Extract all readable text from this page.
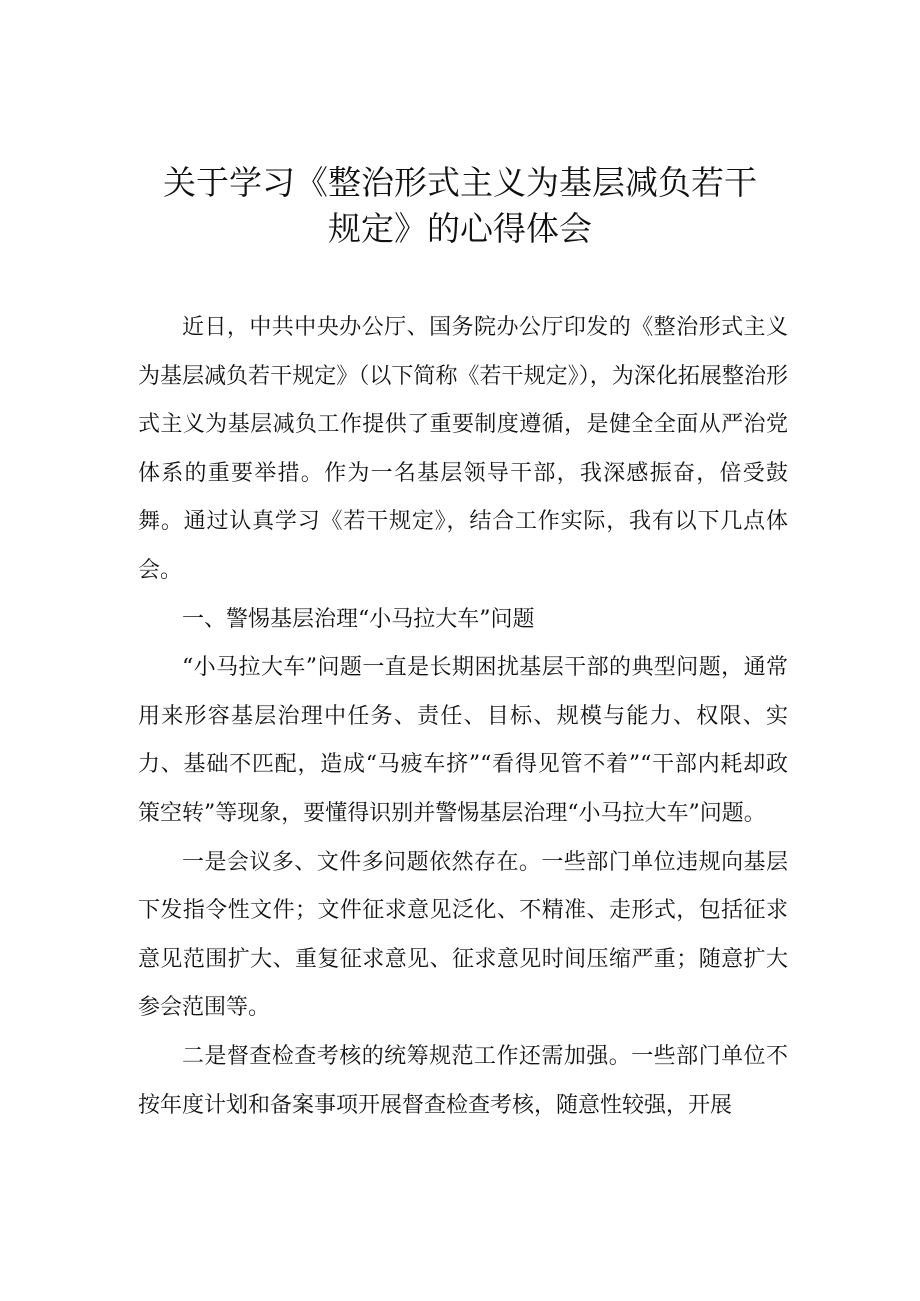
关于学习《整治形式主义为基层减负若干
规定》的心得体会

近日，中共中央办公厅、国务院办公厅印发的《整治形式主义为基层减负若干规定》（以下简称《若干规定》），为深化拓展整治形式主义为基层减负工作提供了重要制度遵循，是健全全面从严治党体系的重要举措。作为一名基层领导干部，我深感振奋，倍受鼓舞。通过认真学习《若干规定》，结合工作实际，我有以下几点体会。

一、警惕基层治理“小马拉大车”问题

“小马拉大车”问题一直是长期困扰基层干部的典型问题，通常用来形容基层治理中任务、责任、目标、规模与能力、权限、实力、基础不匹配，造成“马疲车挤”“看得见管不着”“干部内耗却政策空转”等现象，要懂得识别并警惕基层治理“小马拉大车”问题。

一是会议多、文件多问题依然存在。一些部门单位违规向基层下发指令性文件；文件征求意见泛化、不精准、走形式，包括征求意见范围扩大、重复征求意见、征求意见时间压缩严重；随意扩大参会范围等。

二是督查检查考核的统筹规范工作还需加强。一些部门单位不按年度计划和备案事项开展督查检查考核，随意性较强，开展
